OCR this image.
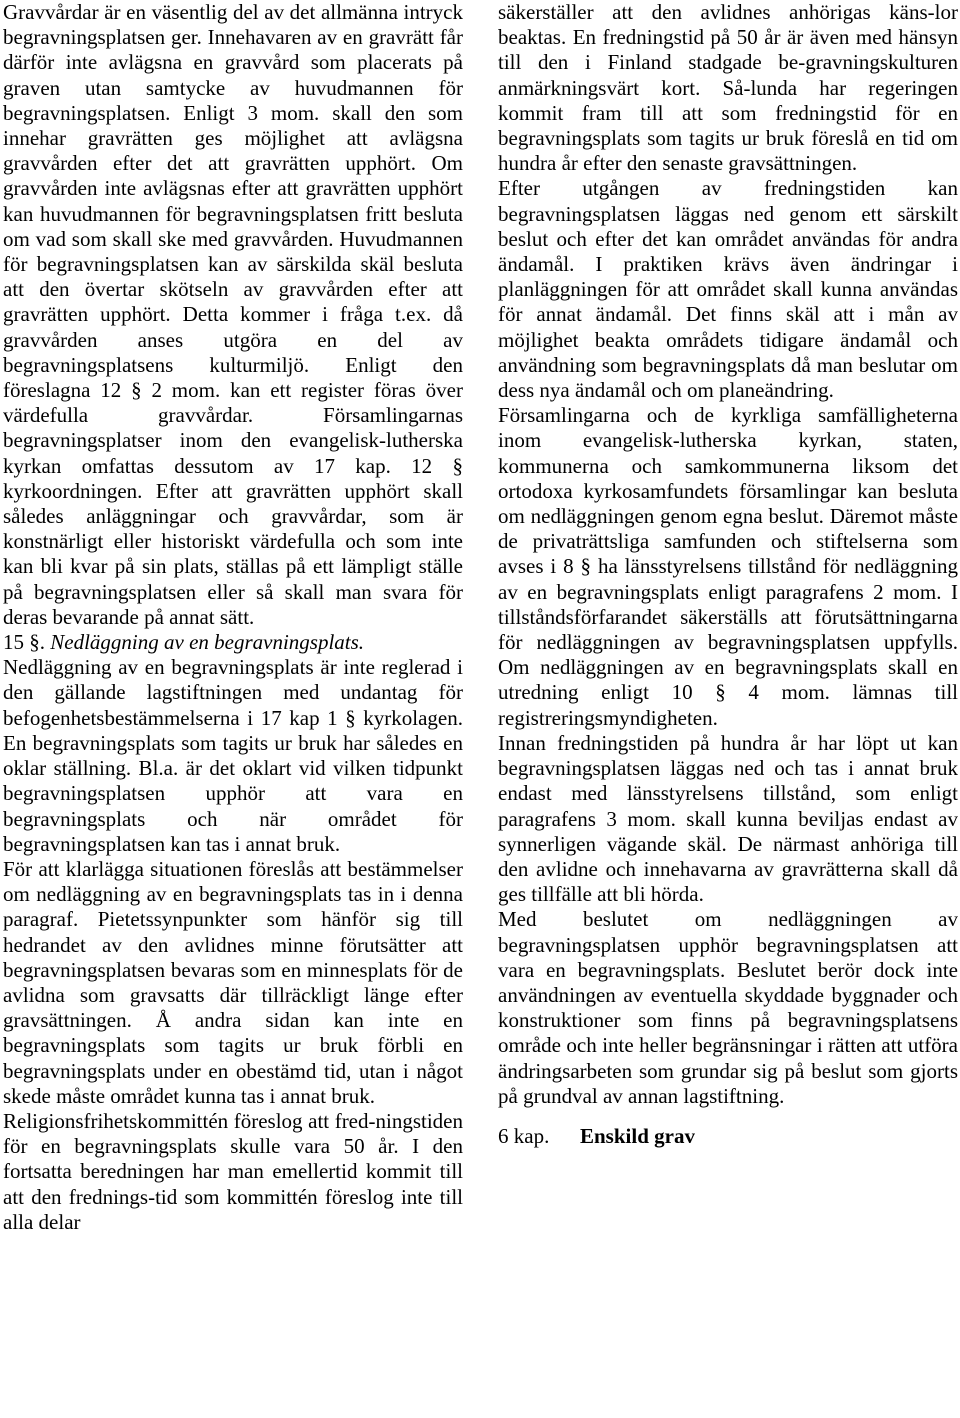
Gravvårdar är en väsentlig del av det allmänna intryck begravningsplatsen ger. Innehavaren av en gravrätt får därför inte avlägsna en gravvård som placerats på graven utan samtycke av huvudmannen för begravningsplatsen. Enligt 3 mom. skall den som innehar gravrätten ges möjlighet att avlägsna gravvården efter det att gravrätten upphört. Om gravvården inte avlägsnas efter att gravrätten upphört kan huvudmannen för begravningsplatsen fritt besluta om vad som skall ske med gravvården. Huvudmannen för begravningsplatsen kan av särskilda skäl besluta att den övertar skötseln av gravvården efter att gravrätten upphört. Detta kommer i fråga t.ex. då gravvården anses utgöra en del av begravningsplatsens kulturmiljö. Enligt den föreslagna 12 § 2 mom. kan ett register föras över värdefulla gravvårdar. Församlingarnas begravningsplatser inom den evangelisk-lutherska kyrkan omfattas dessutom av 17 kap. 12 § kyrkoordningen. Efter att gravrätten upphört skall således anläggningar och gravvårdar, som är konstnärligt eller historiskt värdefulla och som inte kan bli kvar på sin plats, ställas på ett lämpligt ställe på begravningsplatsen eller så skall man svara för deras bevarande på annat sätt.

15 §. Nedläggning av en begravningsplats.

Nedläggning av en begravningsplats är inte reglerad i den gällande lagstiftningen med undantag för befogenhetsbestämmelserna i 17 kap 1 § kyrkolagen. En begravningsplats som tagits ur bruk har således en oklar ställning. Bl.a. är det oklart vid vilken tidpunkt begravningsplatsen upphör att vara en begravningsplats och när området för begravningsplatsen kan tas i annat bruk.

För att klarlägga situationen föreslås att bestämmelser om nedläggning av en begravningsplats tas in i denna paragraf. Pietetssynpunkter som hänför sig till hedrandet av den avlidnes minne förutsätter att begravningsplatsen bevaras som en minnesplats för de avlidna som gravsatts där tillräckligt länge efter gravsättningen. Å andra sidan kan inte en begravningsplats som tagits ur bruk förbli en begravningsplats under en obestämd tid, utan i något skede måste området kunna tas i annat bruk.

Religionsfrihetskommittén föreslog att fred-ningstiden för en begravningsplats skulle vara 50 år. I den fortsatta beredningen har man emellertid kommit till att den frednings-tid som kommittén föreslog inte till alla delar

säkerställer att den avlidnes anhörigas käns-lor beaktas. En fredningstid på 50 år är även med hänsyn till den i Finland stadgade be-gravningskulturen anmärkningsvärt kort. Så-lunda har regeringen kommit fram till att som fredningstid för en begravningsplats som tagits ur bruk föreslå en tid om hundra år efter den senaste gravsättningen.

Efter utgången av fredningstiden kan begravningsplatsen läggas ned genom ett särskilt beslut och efter det kan området användas för andra ändamål. I praktiken krävs även ändringar i planläggningen för att området skall kunna användas för annat ändamål. Det finns skäl att i mån av möjlighet beakta områdets tidigare ändamål och användning som begravningsplats då man beslutar om dess nya ändamål och om planeändring.

Församlingarna och de kyrkliga samfälligheterna inom evangelisk-lutherska kyrkan, staten, kommunerna och samkommunerna liksom det ortodoxa kyrkosamfundets församlingar kan besluta om nedläggningen genom egna beslut. Däremot måste de privaträttsliga samfunden och stiftelserna som avses i 8 § ha länsstyrelsens tillstånd för nedläggning av en begravningsplats enligt paragrafens 2 mom. I tillståndsförfarandet säkerställs att förutsättningarna för nedläggningen av begravningsplatsen uppfylls. Om nedläggningen av en begravningsplats skall en utredning enligt 10 § 4 mom. lämnas till registreringsmyndigheten.

Innan fredningstiden på hundra år har löpt ut kan begravningsplatsen läggas ned och tas i annat bruk endast med länsstyrelsens tillstånd, som enligt paragrafens 3 mom. skall kunna beviljas endast av synnerligen vägande skäl. De närmast anhöriga till den avlidne och innehavarna av gravrätterna skall då ges tillfälle att bli hörda.

Med beslutet om nedläggningen av begravningsplatsen upphör begravningsplatsen att vara en begravningsplats. Beslutet berör dock inte användningen av eventuella skyddade byggnader och konstruktioner som finns på begravningsplatsens område och inte heller begränsningar i rätten att utföra ändringsarbeten som grundar sig på beslut som gjorts på grundval av annan lagstiftning.

6 kap. Enskild grav
